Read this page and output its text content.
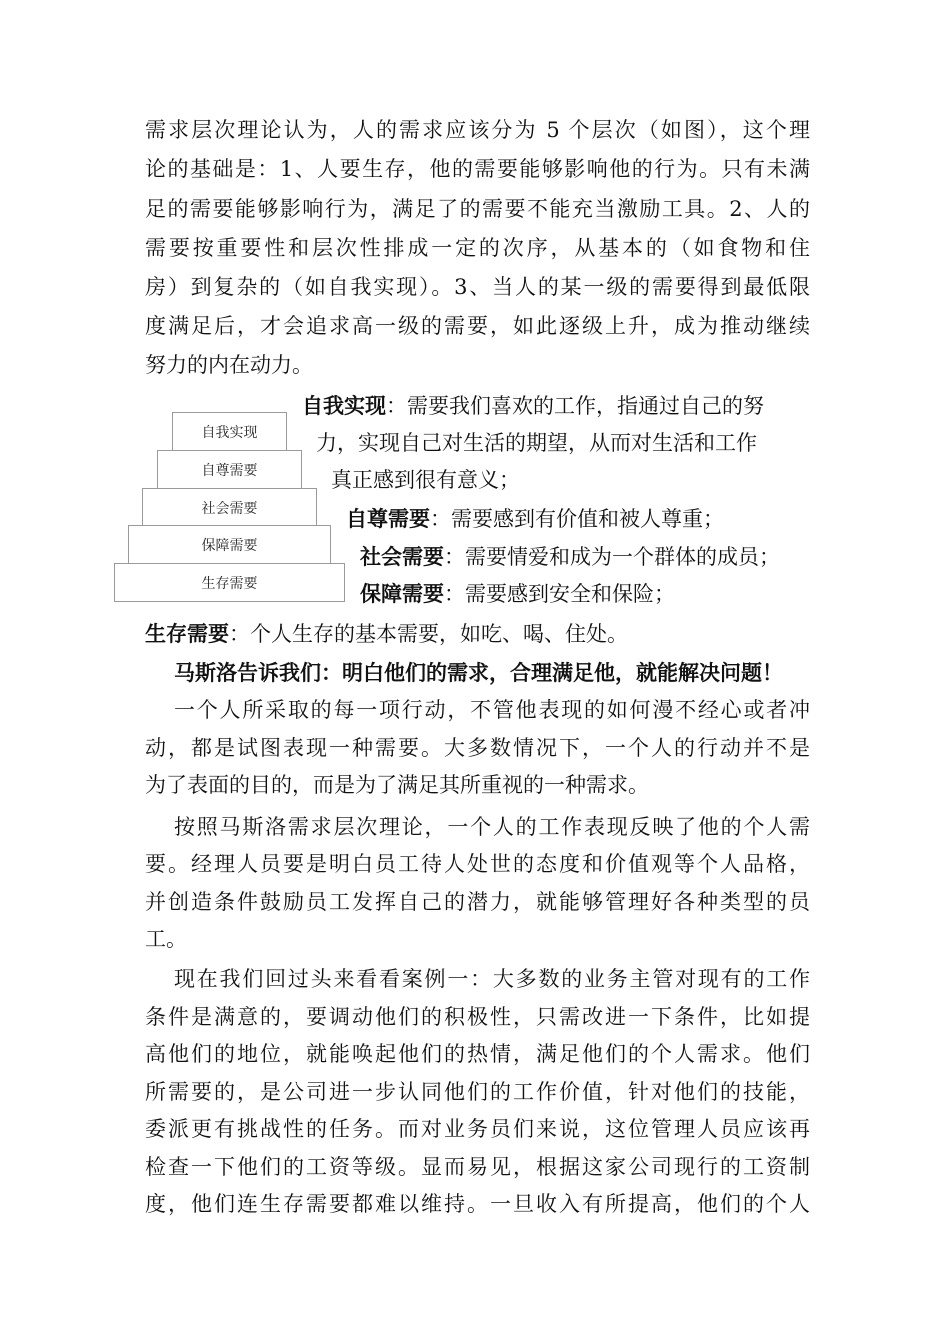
需求层次理论认为，人的需求应该分为 5 个层次（如图），这个理
论的基础是：1、人要生存，他的需要能够影响他的行为。只有未满
足的需要能够影响行为，满足了的需要不能充当激励工具。2、人的
需要按重要性和层次性排成一定的次序，从基本的（如食物和住
房）到复杂的（如自我实现）。3、当人的某一级的需要得到最低限
度满足后，才会追求高一级的需要，如此逐级上升，成为推动继续
努力的内在动力。
自我实现
自尊需要
社会需要
保障需要
生存需要
自我实现：需要我们喜欢的工作，指通过自己的努
力，实现自己对生活的期望，从而对生活和工作
真正感到很有意义；
自尊需要：需要感到有价值和被人尊重；
社会需要：需要情爱和成为一个群体的成员；
保障需要：需要感到安全和保险；
生存需要：个人生存的基本需要，如吃、喝、住处。
马斯洛告诉我们：明白他们的需求，合理满足他，就能解决问题！
一个人所采取的每一项行动，不管他表现的如何漫不经心或者冲
动，都是试图表现一种需要。大多数情况下，一个人的行动并不是
为了表面的目的，而是为了满足其所重视的一种需求。
按照马斯洛需求层次理论，一个人的工作表现反映了他的个人需
要。经理人员要是明白员工待人处世的态度和价值观等个人品格，
并创造条件鼓励员工发挥自己的潜力，就能够管理好各种类型的员
工。
现在我们回过头来看看案例一：大多数的业务主管对现有的工作
条件是满意的，要调动他们的积极性，只需改进一下条件，比如提
高他们的地位，就能唤起他们的热情，满足他们的个人需求。他们
所需要的，是公司进一步认同他们的工作价值，针对他们的技能，
委派更有挑战性的任务。而对业务员们来说，这位管理人员应该再
检查一下他们的工资等级。显而易见，根据这家公司现行的工资制
度，他们连生存需要都难以维持。一旦收入有所提高，他们的个人
